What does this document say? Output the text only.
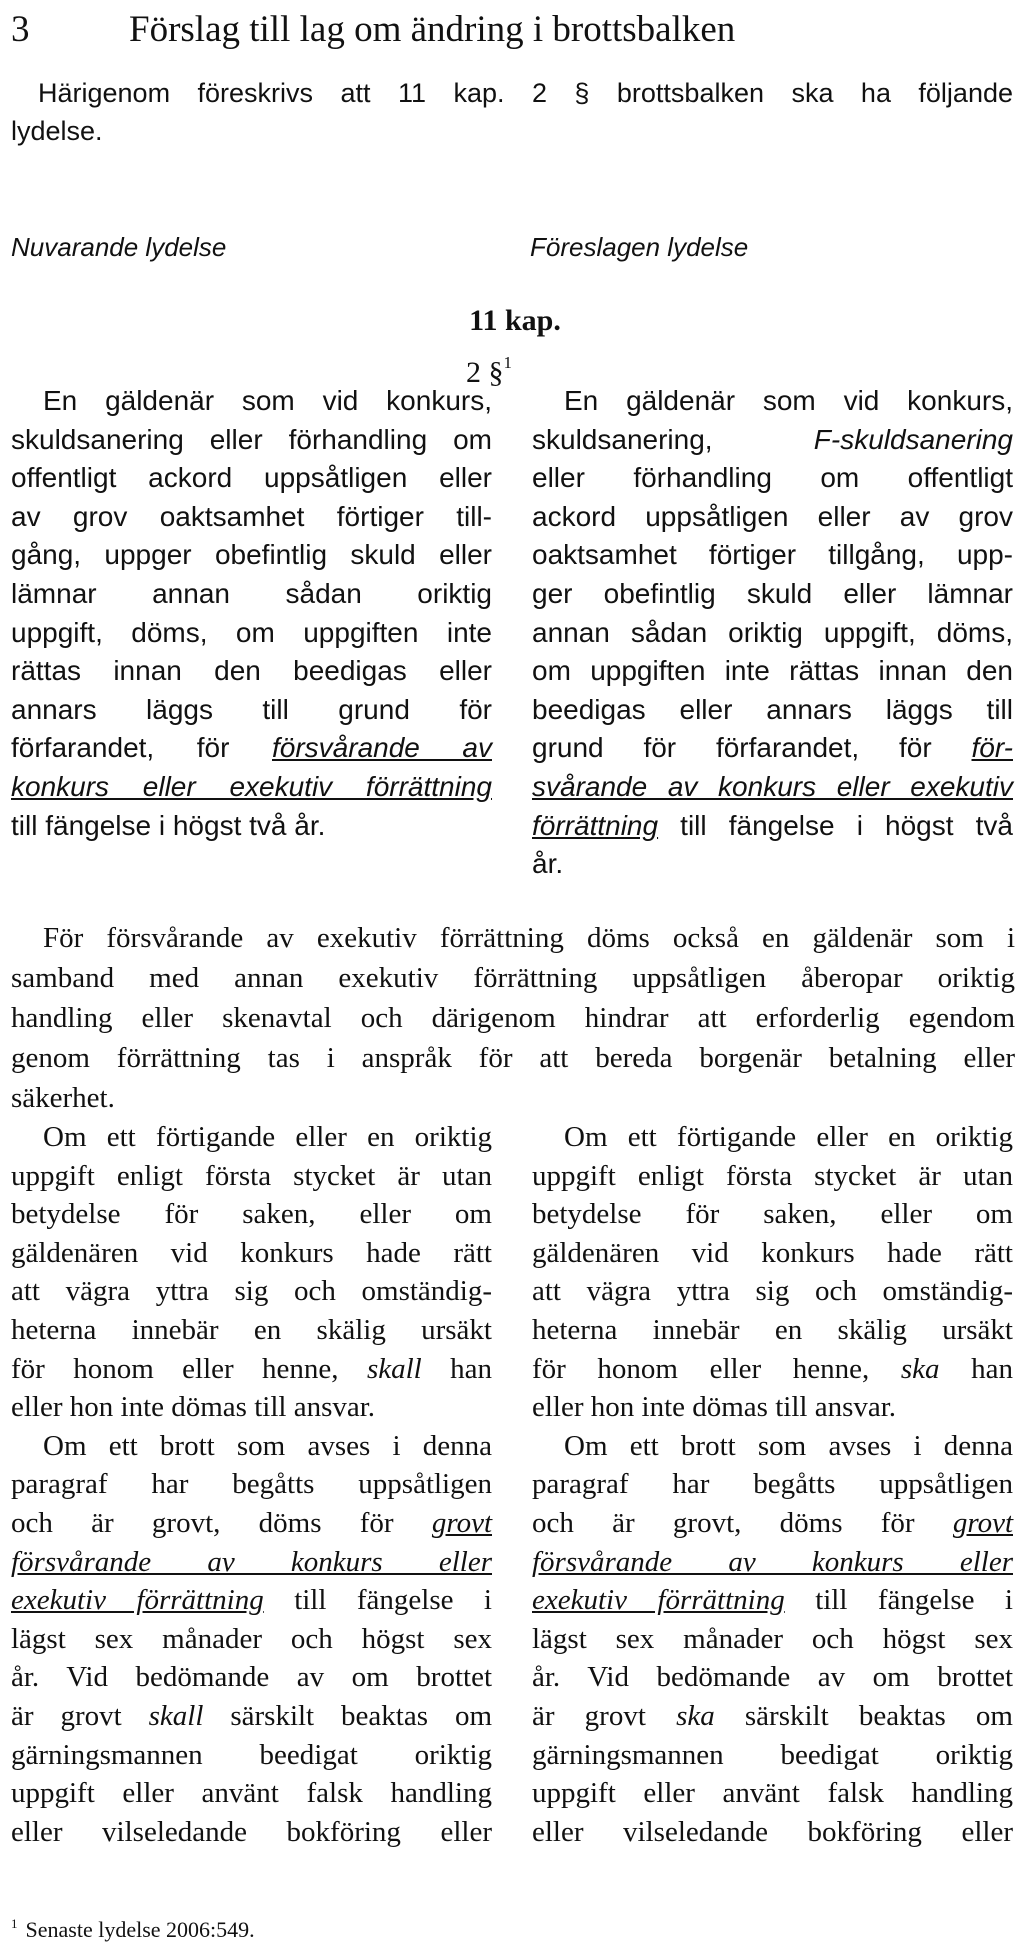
3	Förslag till lag om ändring i brottsbalken
Härigenom föreskrivs att 11 kap. 2 § brottsbalken ska ha följande
lydelse.
Nuvarande lydelse	Föreslagen lydelse
11 kap.
2 §$^1$
En gäldenär som vid konkurs,
skuldsanering eller förhandling om
offentligt ackord uppsåtligen eller
av grov oaktsamhet förtiger till-
gång, uppger obefintlig skuld eller
lämnar annan sådan oriktig
uppgift, döms, om uppgiften inte
rättas innan den beedigas eller
annars läggs till grund för
förfarandet, för försvårande av
konkurs eller exekutiv förrättning
till fängelse i högst två år.
En gäldenär som vid konkurs,
skuldsanering, F-skuldsanering
eller förhandling om offentligt
ackord uppsåtligen eller av grov
oaktsamhet förtiger tillgång, upp-
ger obefintlig skuld eller lämnar
annan sådan oriktig uppgift, döms,
om uppgiften inte rättas innan den
beedigas eller annars läggs till
grund för förfarandet, för för-
svårande av konkurs eller exekutiv
förrättning till fängelse i högst två
år.
För försvårande av exekutiv förrättning döms också en gäldenär som i
samband med annan exekutiv förrättning uppsåtligen åberopar oriktig
handling eller skenavtal och därigenom hindrar att erforderlig egendom
genom förrättning tas i anspråk för att bereda borgenär betalning eller
säkerhet.
Om ett förtigande eller en oriktig
uppgift enligt första stycket är utan
betydelse för saken, eller om
gäldenären vid konkurs hade rätt
att vägra yttra sig och omständig-
heterna innebär en skälig ursäkt
för honom eller henne, skall han
eller hon inte dömas till ansvar.
Om ett brott som avses i denna
paragraf har begåtts uppsåtligen
och är grovt, döms för grovt
försvårande av konkurs eller
exekutiv förrättning till fängelse i
lägst sex månader och högst sex
år. Vid bedömande av om brottet
är grovt skall särskilt beaktas om
gärningsmannen beedigat oriktig
uppgift eller använt falsk handling
eller vilseledande bokföring eller
Om ett förtigande eller en oriktig
uppgift enligt första stycket är utan
betydelse för saken, eller om
gäldenären vid konkurs hade rätt
att vägra yttra sig och omständig-
heterna innebär en skälig ursäkt
för honom eller henne, ska han
eller hon inte dömas till ansvar.
Om ett brott som avses i denna
paragraf har begåtts uppsåtligen
och är grovt, döms för grovt
försvårande av konkurs eller
exekutiv förrättning till fängelse i
lägst sex månader och högst sex
år. Vid bedömande av om brottet
är grovt ska särskilt beaktas om
gärningsmannen beedigat oriktig
uppgift eller använt falsk handling
eller vilseledande bokföring eller
$^1$ Senaste lydelse 2006:549.
